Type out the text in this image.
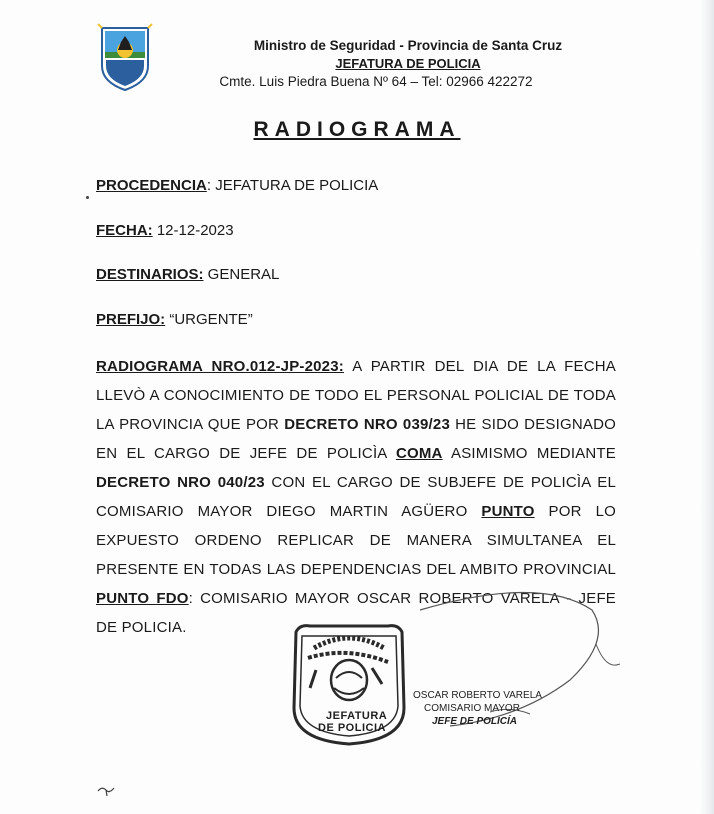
Ministro de Seguridad - Provincia de Santa Cruz
JEFATURA DE POLICIA
Cmte. Luis Piedra Buena Nº 64 – Tel: 02966 422272
RADIOGRAMA
PROCEDENCIA: JEFATURA DE POLICIA
FECHA: 12-12-2023
DESTINARIOS: GENERAL
PREFIJO: “URGENTE”
RADIOGRAMA NRO.012-JP-2023: A PARTIR DEL DIA DE LA FECHA LLEVÒ A CONOCIMIENTO DE TODO EL PERSONAL POLICIAL DE TODA LA PROVINCIA QUE POR DECRETO NRO 039/23 HE SIDO DESIGNADO EN EL CARGO DE JEFE DE POLICÌA COMA ASIMISMO MEDIANTE DECRETO NRO 040/23 CON EL CARGO DE SUBJEFE DE POLICÌA EL COMISARIO MAYOR DIEGO MARTIN AGÜERO PUNTO POR LO EXPUESTO ORDENO REPLICAR DE MANERA SIMULTANEA EL PRESENTE EN TODAS LAS DEPENDENCIAS DEL AMBITO PROVINCIAL PUNTO FDO: COMISARIO MAYOR OSCAR ROBERTO VARELA - JEFE DE POLICIA.
JEFATURA
DE POLICIA
OSCAR ROBERTO VARELA
COMISARIO MAYOR
JEFE DE POLICÍA
